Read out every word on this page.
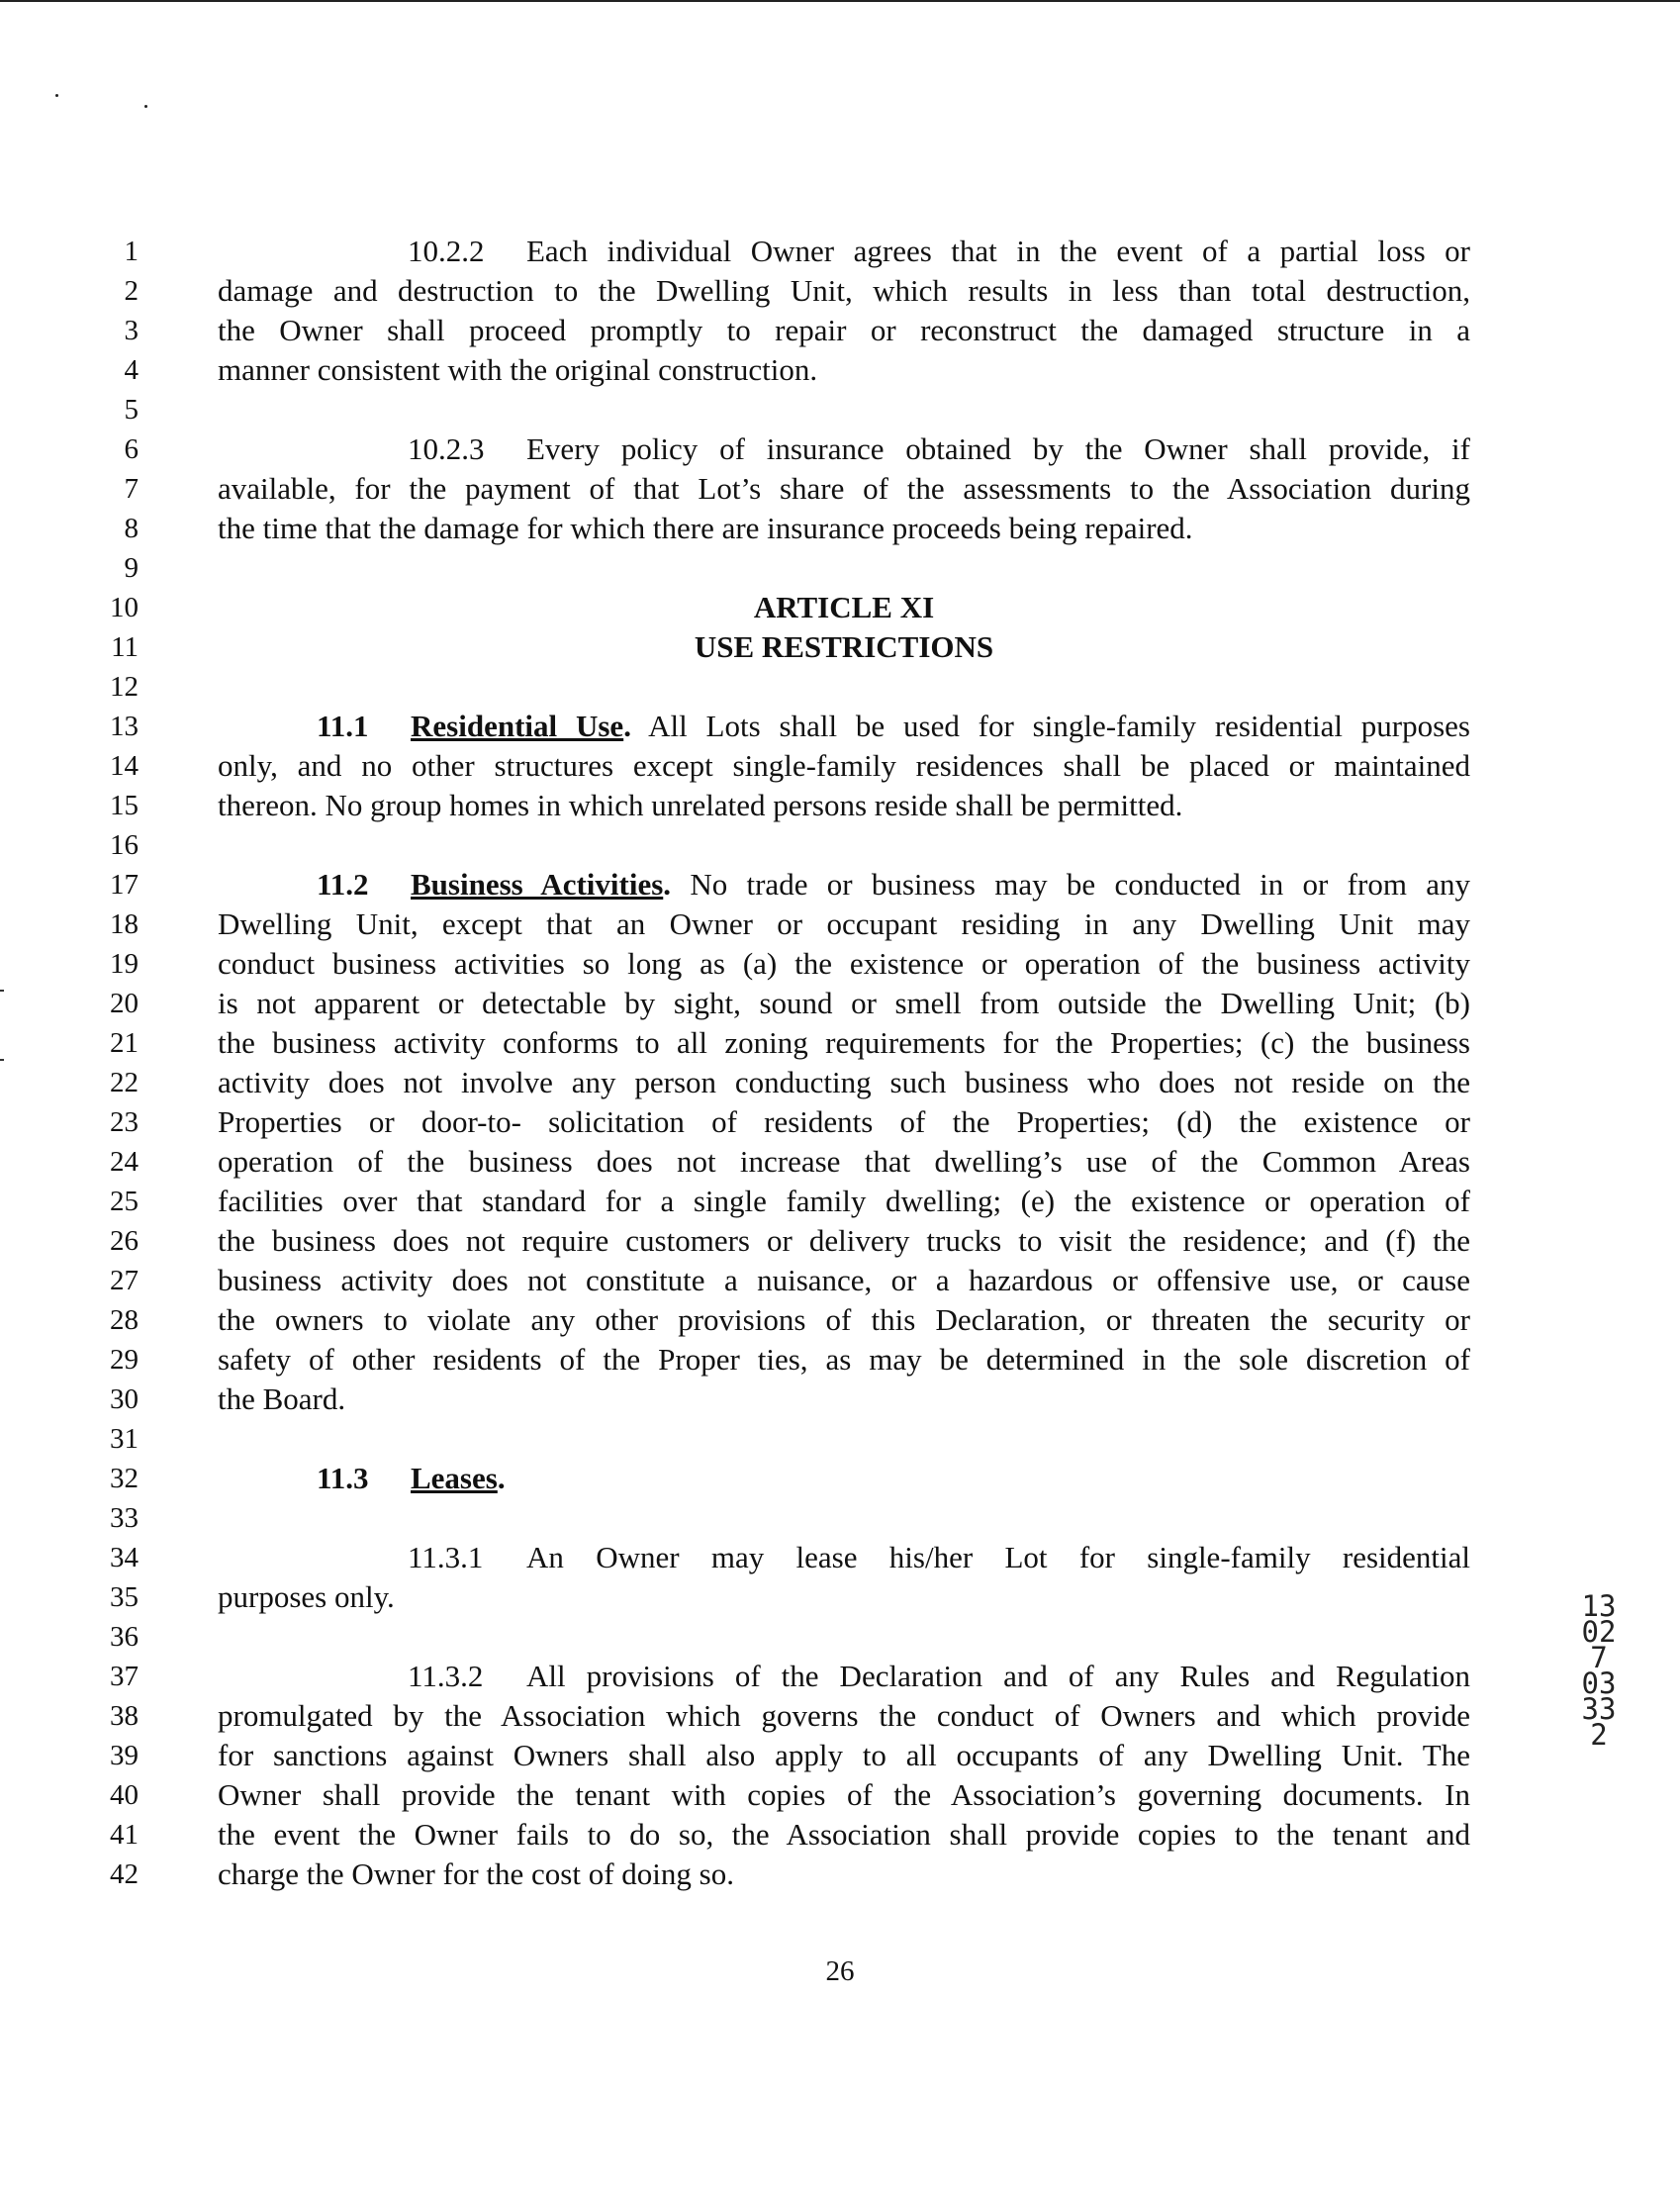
1
2
3
4
5
6
7
8
9
10
11
12
13
14
15
16
17
18
19
20
21
22
23
24
25
26
27
28
29
30
31
32
33
34
35
36
37
38
39
40
41
42
10.2.2 Each individual Owner agrees that in the event of a partial loss or
damage and destruction to the Dwelling Unit, which results in less than total destruction,
the Owner shall proceed promptly to repair or reconstruct the damaged structure in a
manner consistent with the original construction.
10.2.3 Every policy of insurance obtained by the Owner shall provide, if
available, for the payment of that Lot’s share of the assessments to the Association during
the time that the damage for which there are insurance proceeds being repaired.
ARTICLE XI
USE RESTRICTIONS
11.1 Residential Use. All Lots shall be used for single-family residential purposes
only, and no other structures except single-family residences shall be placed or maintained
thereon. No group homes in which unrelated persons reside shall be permitted.
11.2 Business Activities. No trade or business may be conducted in or from any
Dwelling Unit, except that an Owner or occupant residing in any Dwelling Unit may
conduct business activities so long as (a) the existence or operation of the business activity
is not apparent or detectable by sight, sound or smell from outside the Dwelling Unit; (b)
the business activity conforms to all zoning requirements for the Properties; (c) the business
activity does not involve any person conducting such business who does not reside on the
Properties or door-to- solicitation of residents of the Properties; (d) the existence or
operation of the business does not increase that dwelling’s use of the Common Areas
facilities over that standard for a single family dwelling; (e) the existence or operation of
the business does not require customers or delivery trucks to visit the residence; and (f) the
business activity does not constitute a nuisance, or a hazardous or offensive use, or cause
the owners to violate any other provisions of this Declaration, or threaten the security or
safety of other residents of the Proper ties, as may be determined in the sole discretion of
the Board.
11.3 Leases.
11.3.1 An Owner may lease his/her Lot for single-family residential
purposes only.
11.3.2 All provisions of the Declaration and of any Rules and Regulation
promulgated by the Association which governs the conduct of Owners and which provide
for sanctions against Owners shall also apply to all occupants of any Dwelling Unit. The
Owner shall provide the tenant with copies of the Association’s governing documents. In
the event the Owner fails to do so, the Association shall provide copies to the tenant and
charge the Owner for the cost of doing so.
13027 03332
26
